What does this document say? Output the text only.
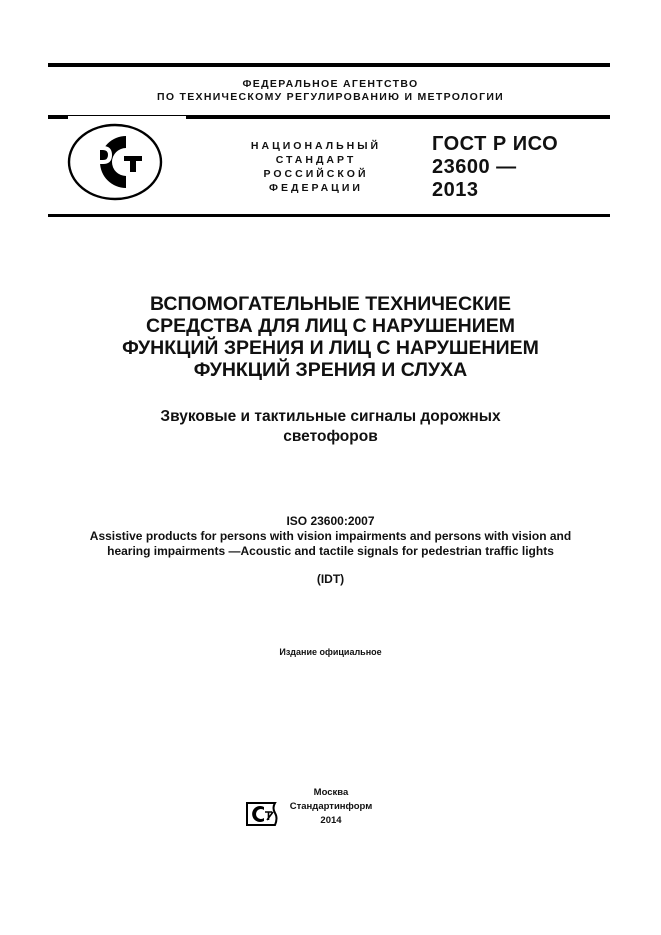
ФЕДЕРАЛЬНОЕ АГЕНТСТВО
ПО ТЕХНИЧЕСКОМУ РЕГУЛИРОВАНИЮ И МЕТРОЛОГИИ
НАЦИОНАЛЬНЫЙ
СТАНДАРТ
РОССИЙСКОЙ
ФЕДЕРАЦИИ
ГОСТ Р ИСО
23600 —
2013
ВСПОМОГАТЕЛЬНЫЕ ТЕХНИЧЕСКИЕ
СРЕДСТВА ДЛЯ ЛИЦ С НАРУШЕНИЕМ
ФУНКЦИЙ ЗРЕНИЯ И ЛИЦ С НАРУШЕНИЕМ
ФУНКЦИЙ ЗРЕНИЯ И СЛУХА
Звуковые и тактильные сигналы дорожных
светофоров
ISO 23600:2007
Assistive products for persons with vision impairments and persons with vision and
hearing impairments —Acoustic and tactile signals for pedestrian traffic lights
(IDT)
Издание официальное
Москва
Стандартинформ
2014
